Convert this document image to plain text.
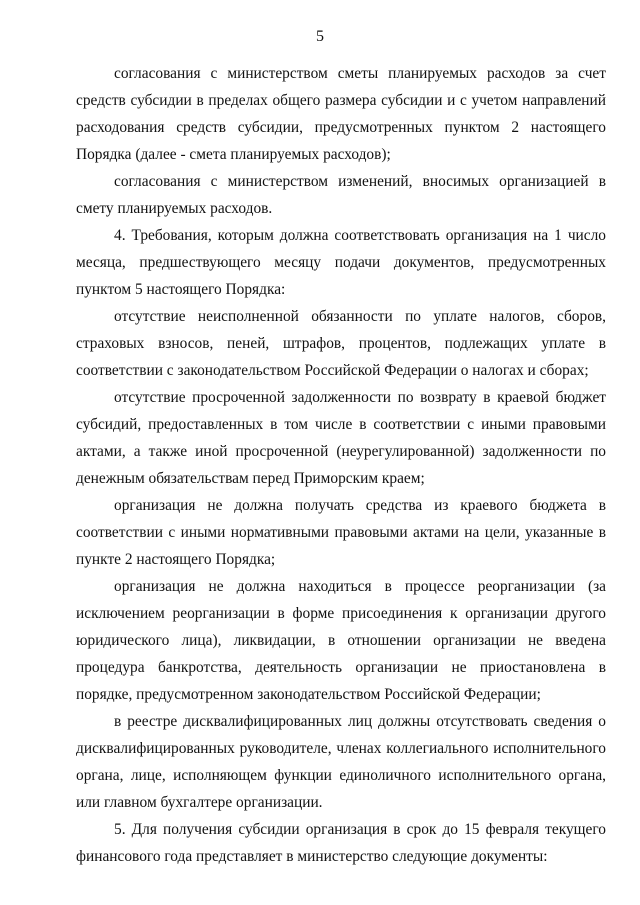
5

согласования с министерством сметы планируемых расходов за счет средств субсидии в пределах общего размера субсидии и с учетом направлений расходования средств субсидии, предусмотренных пунктом 2 настоящего Порядка (далее - смета планируемых расходов);

согласования с министерством изменений, вносимых организацией в смету планируемых расходов.

4. Требования, которым должна соответствовать организация на 1 число месяца, предшествующего месяцу подачи документов, предусмотренных пунктом 5 настоящего Порядка:

отсутствие неисполненной обязанности по уплате налогов, сборов, страховых взносов, пеней, штрафов, процентов, подлежащих уплате в соответствии с законодательством Российской Федерации о налогах и сборах;

отсутствие просроченной задолженности по возврату в краевой бюджет субсидий, предоставленных в том числе в соответствии с иными правовыми актами, а также иной просроченной (неурегулированной) задолженности по денежным обязательствам перед Приморским краем;

организация не должна получать средства из краевого бюджета в соответствии с иными нормативными правовыми актами на цели, указанные в пункте 2 настоящего Порядка;

организация не должна находиться в процессе реорганизации (за исключением реорганизации в форме присоединения к организации другого юридического лица), ликвидации, в отношении организации не введена процедура банкротства, деятельность организации не приостановлена в порядке, предусмотренном законодательством Российской Федерации;

в реестре дисквалифицированных лиц должны отсутствовать сведения о дисквалифицированных руководителе, членах коллегиального исполнительного органа, лице, исполняющем функции единоличного исполнительного органа, или главном бухгалтере организации.

5. Для получения субсидии организация в срок до 15 февраля текущего финансового года представляет в министерство следующие документы:
